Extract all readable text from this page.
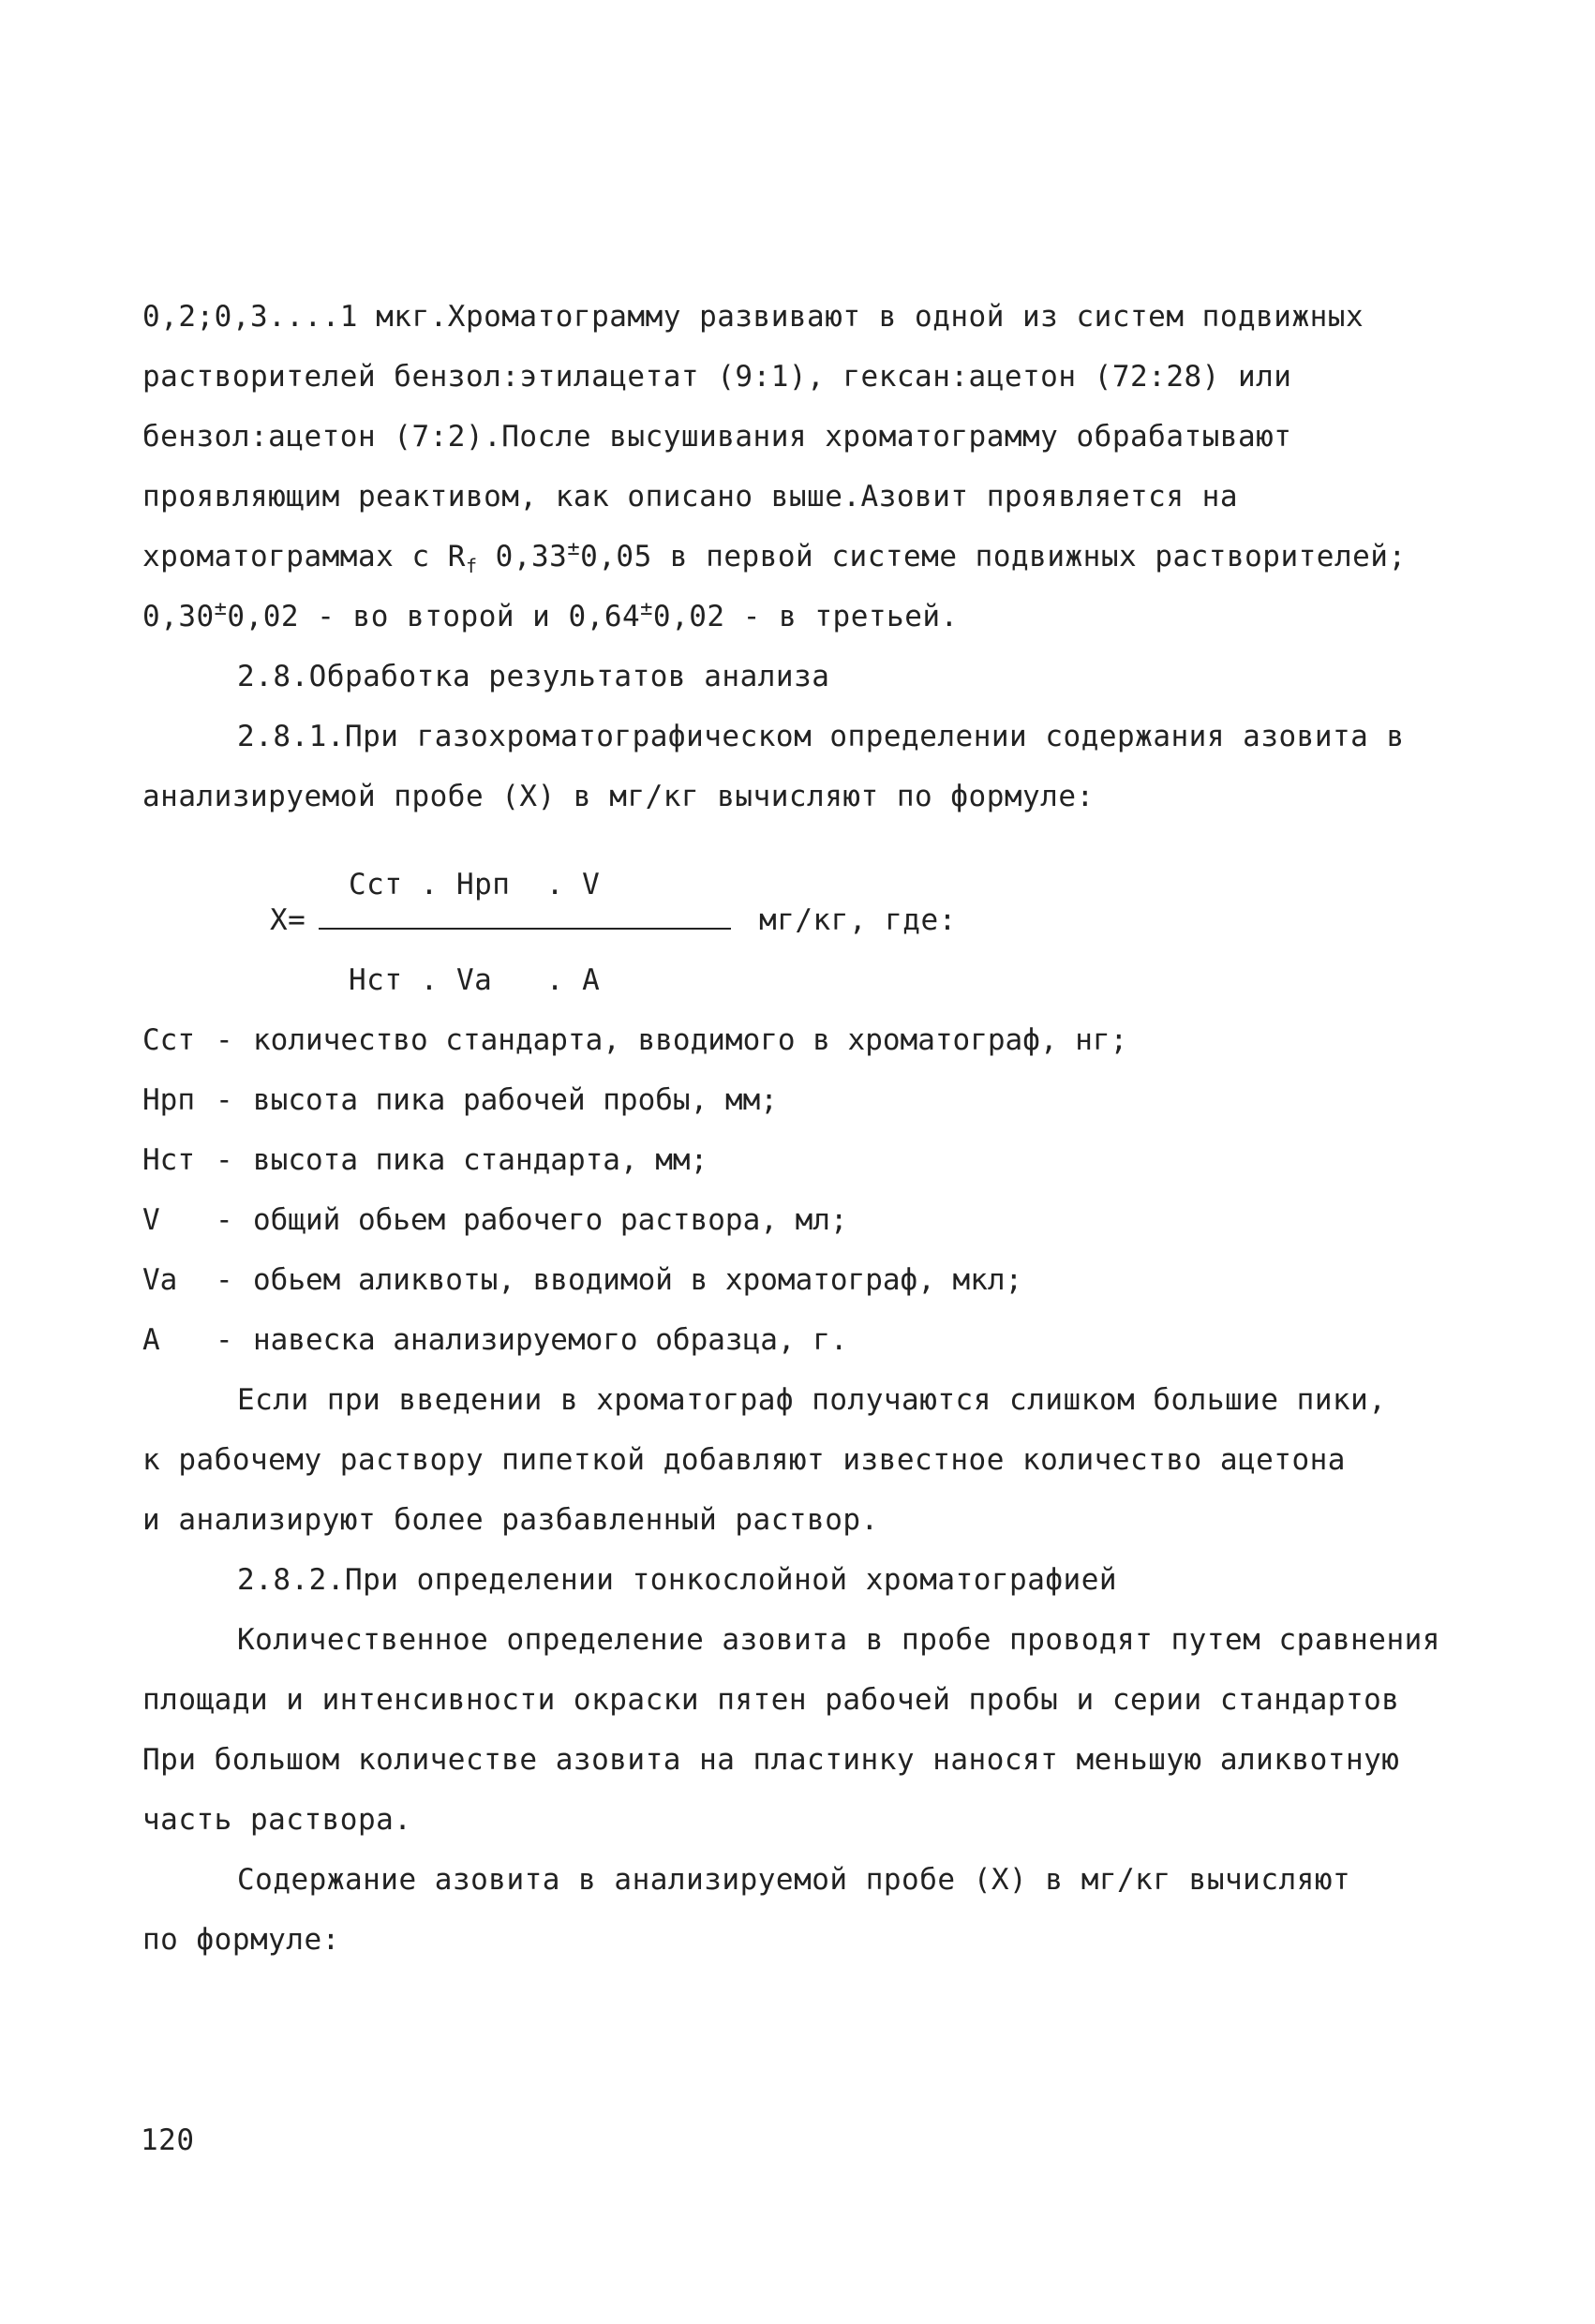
0,2;0,3....1 мкг.Хроматограмму развивают в одной из систем подвижных
растворителей бензол:этилацетат (9:1), гексан:ацетон (72:28) или
бензол:ацетон (7:2).После высушивания хроматограмму обрабатывают
проявляющим реактивом, как описано выше.Азовит проявляется на
хроматограммах с $R_f$ 0,33±0,05 в первой системе подвижных растворителей;
0,30±0,02 - во второй и 0,64±0,02 - в третьей.
2.8.Обработка результатов анализа
2.8.1.При газохроматографическом определении содержания азовита в
анализируемой пробе (X) в мг/кг вычисляют по формуле:
Сст . Нрп  . V
X=	мг/кг, где:
Нст . Va   . А
Сст - количество стандарта, вводимого в хроматограф, нг;
Нрп - высота пика рабочей пробы, мм;
Нст - высота пика стандарта, мм;
V - общий обьем рабочего раствора, мл;
Va - обьем аликвоты, вводимой в хроматограф, мкл;
А - навеска анализируемого образца, г.
Если при введении в хроматограф получаются слишком большие пики,
к рабочему раствору пипеткой добавляют известное количество ацетона
и анализируют более разбавленный раствор.
2.8.2.При определении тонкослойной хроматографией
Количественное определение азовита в пробе проводят путем сравнения
площади и интенсивности окраски пятен рабочей пробы и серии стандартов
При большом количестве азовита на пластинку наносят меньшую аликвотную
часть раствора.
Содержание азовита в анализируемой пробе (X) в мг/кг вычисляют
по формуле:
120
